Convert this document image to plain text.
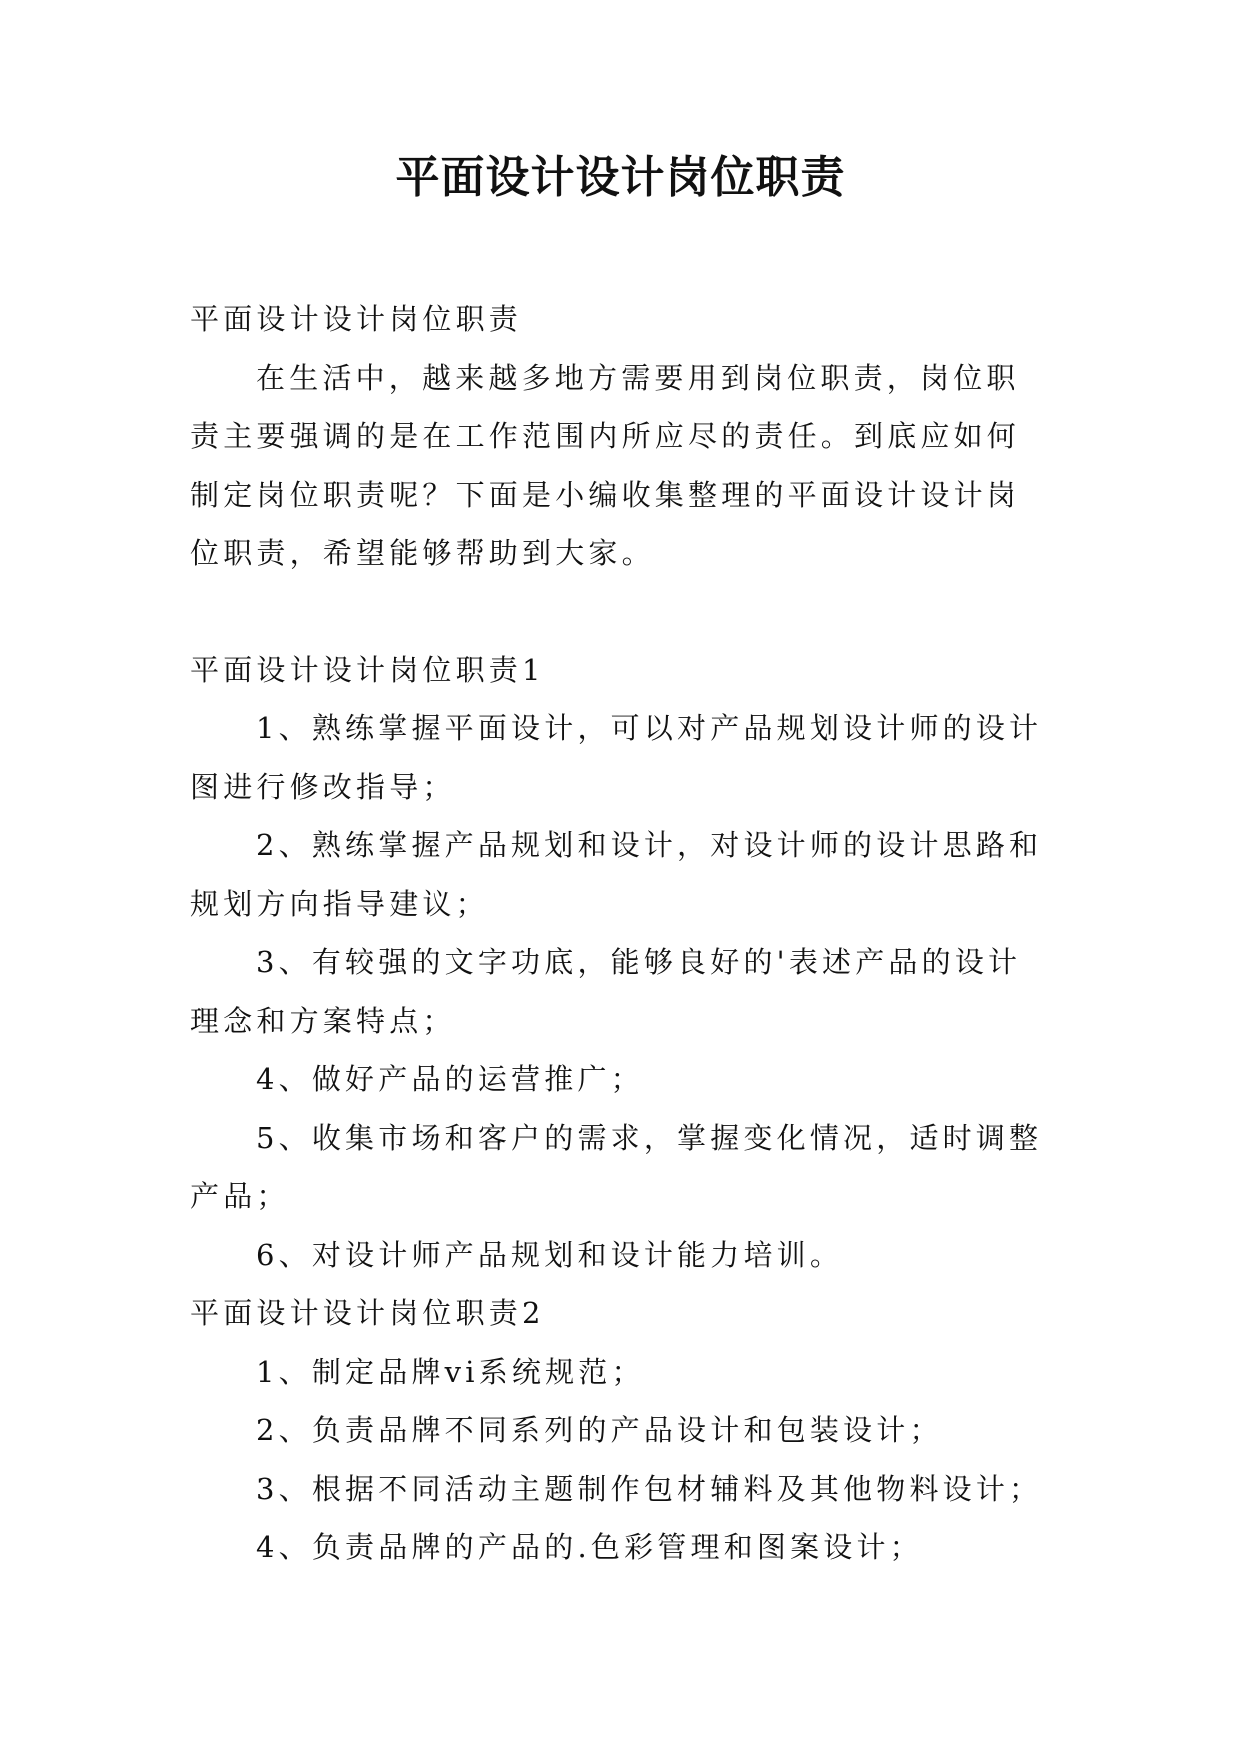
平面设计设计岗位职责

平面设计设计岗位职责

在生活中，越来越多地方需要用到岗位职责，岗位职责主要强调的是在工作范围内所应尽的责任。到底应如何制定岗位职责呢？下面是小编收集整理的平面设计设计岗位职责，希望能够帮助到大家。

平面设计设计岗位职责1

1、熟练掌握平面设计，可以对产品规划设计师的设计图进行修改指导；

2、熟练掌握产品规划和设计，对设计师的设计思路和规划方向指导建议；

3、有较强的文字功底，能够良好的'表述产品的设计理念和方案特点；

4、做好产品的运营推广；

5、收集市场和客户的需求，掌握变化情况，适时调整产品；

6、对设计师产品规划和设计能力培训。

平面设计设计岗位职责2

1、制定品牌vi系统规范；

2、负责品牌不同系列的产品设计和包装设计；

3、根据不同活动主题制作包材辅料及其他物料设计；

4、负责品牌的产品的.色彩管理和图案设计；
